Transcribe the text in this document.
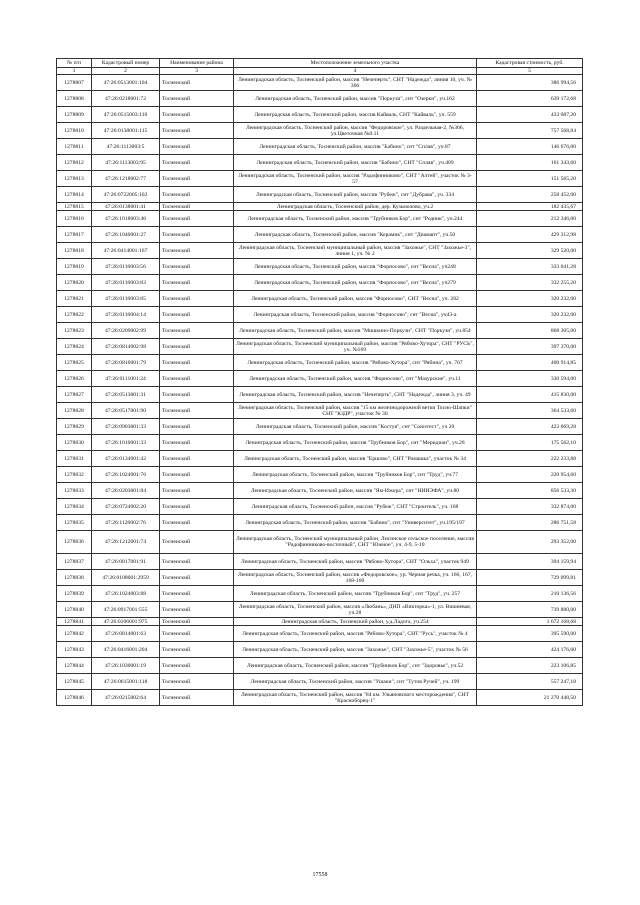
№ п/п	Кадастровый номер	Наименование района	Местоположение земельного участка	Кадастровая стоимость, руб.
1	2	3	4	5
1278807	47:26:0513001:104	Тосненский	Ленинградская область, Тосненский район, массив "Нечеперть", СНТ "Надежда", линия 10, уч. № 366	386 994,56
1278808	47:26:0218001:72	Тосненский	Ленинградская область, Тосненский район, массив "Поркузи", снт "Озерки", уч.162	639 172,68
1278809	47:26:0515003:110	Тосненский	Ленинградская область, Тосненский район, массив Кайваль, СНТ "Кайваль", уч. 559	433 087,20
1278810	47:26:0138001:115	Тосненский	Ленинградская область, Тосненский район, массив "Федоровское", ул. Раздельная-2, №366, ул.Цветочная №0.11	757 568,84
1278811	47:26:1113003:5	Тосненский	Ленинградская область, Тосненский район, массив "Бабино", снт "Сплав", уч.87	146 676,00
1278812	47:26:1113003:95	Тосненский	Ленинградская область, Тосненский район, массив "Бабино", СНТ "Сплав", уч.409	161 343,60
1278813	47:26:1218002:77	Тосненский	Ленинградская область, Тосненский район, массив "Радофинниково", СНТ "Алтей", участок № 3-57	151 565,20
1278814	47:26:0722005:102	Тосненский	Ленинградская область, Тосненский район, массив "Рубеж", снт "Дубрава", уч. 334	258 452,00
1278815	47:26:0138001:41	Тосненский	Ленинградская область, Тосненский район, дер. Кузьмолово, уч.2	182 435,67
1278816	47:26:1018003:46	Тосненский	Ленинградская область, Тосненский район, массив "Трубников Бор", снт "Родник", уч.244	212 346,00
1278817	47:26:1040001:27	Тосненский	Ленинградская область, Тосненский район, массив "Керамик", снт "Диамант", уч.50	429 312,98
1278818	47:26:0414001:167	Тосненский	Ленинградская область, Тосненский муниципальный район, массив "Захожье", СНТ "Захожье-3", линия 1, уч. № 2	329 520,00
1278819	47:26:0110003:56	Тосненский	Ленинградская область, Тосненский район, массив "Форносово", снт "Весна", уч248	333 041,28
1278820	47:26:0110003:83	Тосненский	Ленинградская область, Тосненский район, массив "Форносово", снт "Весна", уч279	332 255,20
1278821	47:26:0110003:85	Тосненский	Ленинградская область, Тосненский район, массив "Форносово", СНТ "Весна", уч. 282	320 232,00
1278822	47:26:0110004:14	Тосненский	Ленинградская область, Тосненский район, массив "Форносово", снт "Весна", уч43-а	320 232,00
1278823	47:26:0209002:99	Тосненский	Ленинградская область, Тосненский район, массив "Мишкино-Поркузи", СНТ "Поркузи", уч.854	868 305,00
1278824	47:26:0814002:98	Тосненский	Ленинградская область, Тосненский муниципальный район, массив "Рябово-Хутора", СНТ "РУСЬ", уч. №169	397 370,00
1278825	47:26:0816001:79	Тосненский	Ленинградская область, Тосненский район, массив "Рябово-Хутора", снт "Рябина", уч. 767	400 914,85
1278826	47:26:0111001:24	Тосненский	Ленинградская область, Тосненский район, массив "Форносово", снт "Мазурские", уч.11	330 594,00
1278827	47:26:0513001:31	Тосненский	Ленинградская область, Тосненский район, массив "Нечеперть", СНТ "Надежда", линия 3, уч. 49	415 830,00
1278828	47:26:0517001:90	Тосненский	Ленинградская область, Тосненский район, массив "15 км железнодорожной ветки Тосно-Шапки" СНТ "КЗДР", участок № 30	364 533,60
1278829	47:26:0903001:33	Тосненский	Ленинградская область, Тосненский район, массив "Костуя", снт "Союзтест", уч 20	423 669,28
1278830	47:26:1010001:33	Тосненский	Ленинградская область, Тосненский район, массив "Трубников Бор", снт "Меридиан", уч.28	175 562,10
1278831	47:26:0134001:42	Тосненский	Ленинградская область, Тосненский район, массив "Ершово", СНТ "Ромашка", участок № 34	222 233,88
1278832	47:26:1024001:76	Тосненский	Ленинградская область, Тосненский район, массив "Трубников Бор", снт "Труд", уч.77	220 954,60
1278833	47:26:0203001:84	Тосненский	Ленинградская область, Тосненский район, массив "Ям-Ижора", снт "НИИЭФА", уч.80	856 533,30
1278834	47:26:0724002:20	Тосненский	Ленинградская область, Тосненский район, массив "Рубеж", СНТ "Строитель", уч. 168	332 874,00
1278835	47:26:1120002:76	Тосненский	Ленинградская область, Тосненский район, массив "Бабино", снт "Университет", уч.195/197	286 751,58
1278836	47:26:1212001:74	Тосненский	Ленинградская область, Тосненский муниципальный район, Лисинское сельское поселение, массив "Радофинниково-восточный", СНТ "Южное", уч. 4-9, 5-10	293 352,00
1278837	47:26:0817001:91	Тосненский	Ленинградская область, Тосненский район, массив "Рябово-Хутора", СНТ "Ольха", участок 949	394 159,94
1278838	47:26:0108001:2959	Тосненский	Ленинградская область, Тосненский район, массив «Федоровское», ур. Черная речка, уч. 166, 167, 168-100	729 099,81
1278839	47:26:1024003:88	Тосненский	Ленинградская область, Тосненский район, массив "Трубников Бор", снт "Труд", уч. 257	210 136,56
1278840	47:26:0917001:555	Тосненский	Ленинградская область, Тосненский район, массив «Любань», ДНП «Викторка»-1, ул. Вишневая, уч.28	739 880,00
1278841	47:26:0106001:975	Тосненский	Ленинградская область, Тосненский район, у.д.Ладога, уч.254	1 672 168,68
1278842	47:26:0814001:63	Тосненский	Ленинградская область, Тосненский район, массив "Рябово-Хутора", СНТ "Русь", участок № 4	395 590,00
1278843	47:26:0416001:204	Тосненский	Ленинградская область, Тосненский район, массив "Захожье", СНТ "Захожье-5", участок № 56	424 176,60
1278844	47:26:1030001:19	Тосненский	Ленинградская область, Тосненский район, массив "Трубников Бор", снт "Здоровье", уч.52	223 106,85
1278845	47:26:0615001:118	Тосненский	Ленинградская область, Тосненский район, массив "Ушаки", снт "Тутов Ручей", уч. 199	557 247,18
1278846	47:26:0215002:64	Тосненский	Ленинградская область, Тосненский район, массив "84 км. Ульяновского месторождения", СНТ "Красноборец-1"	21 270 448,50
17558
